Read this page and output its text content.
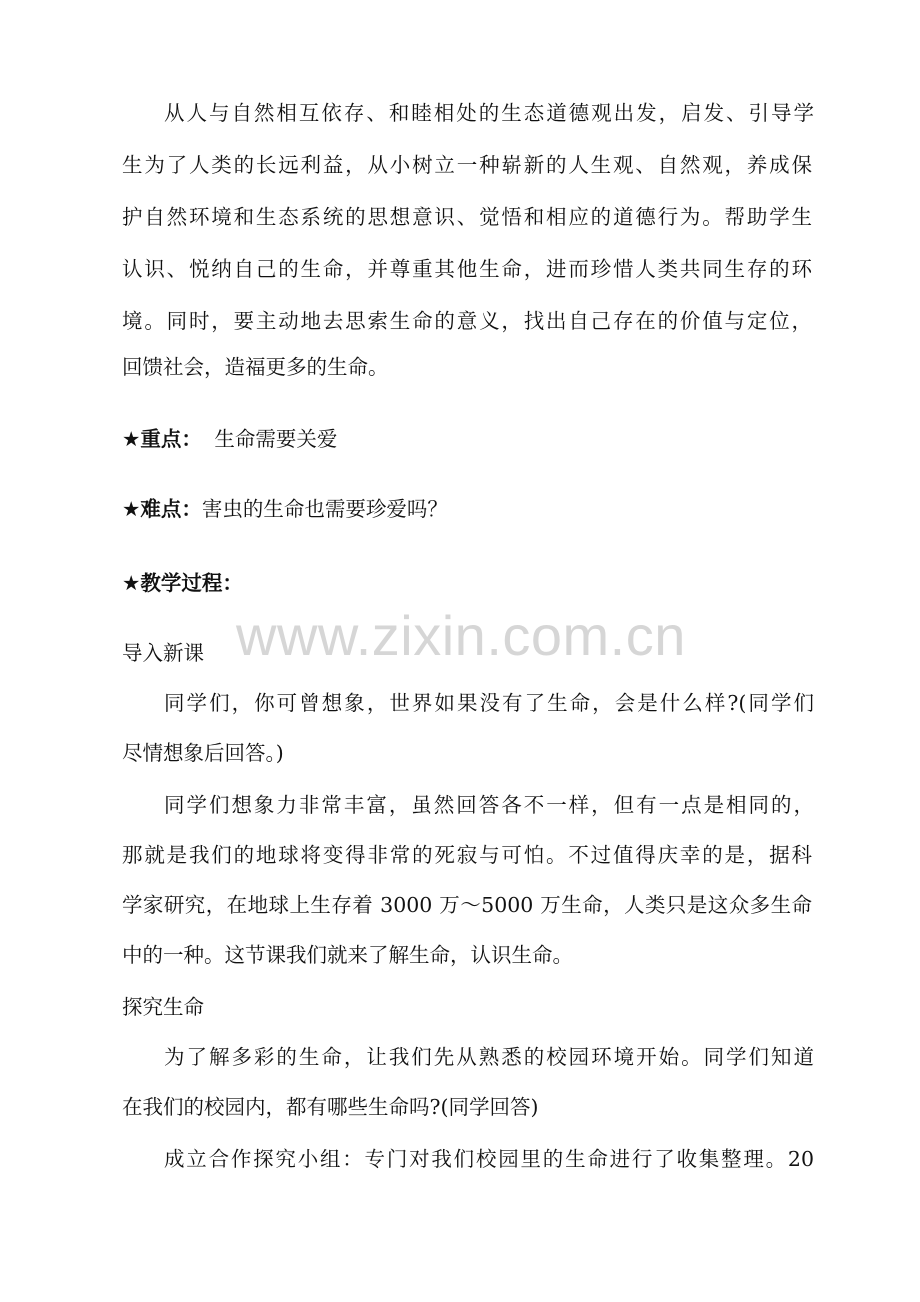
从人与自然相互依存、和睦相处的生态道德观出发，启发、引导学
生为了人类的长远利益，从小树立一种崭新的人生观、自然观，养成保
护自然环境和生态系统的思想意识、觉悟和相应的道德行为。帮助学生
认识、悦纳自己的生命，并尊重其他生命，进而珍惜人类共同生存的环
境。同时，要主动地去思索生命的意义，找出自己存在的价值与定位，
回馈社会，造福更多的生命。
★重点： 生命需要关爱
★难点：害虫的生命也需要珍爱吗？
★教学过程：
www.zixin.com.cn
导入新课
同学们，你可曾想象，世界如果没有了生命，会是什么样?(同学们
尽情想象后回答。)
同学们想象力非常丰富，虽然回答各不一样，但有一点是相同的，
那就是我们的地球将变得非常的死寂与可怕。不过值得庆幸的是，据科
学家研究，在地球上生存着 3000 万～5000 万生命，人类只是这众多生命
中的一种。这节课我们就来了解生命，认识生命。
探究生命
为了解多彩的生命，让我们先从熟悉的校园环境开始。同学们知道
在我们的校园内，都有哪些生命吗?(同学回答)
成立合作探究小组：专门对我们校园里的生命进行了收集整理。20
